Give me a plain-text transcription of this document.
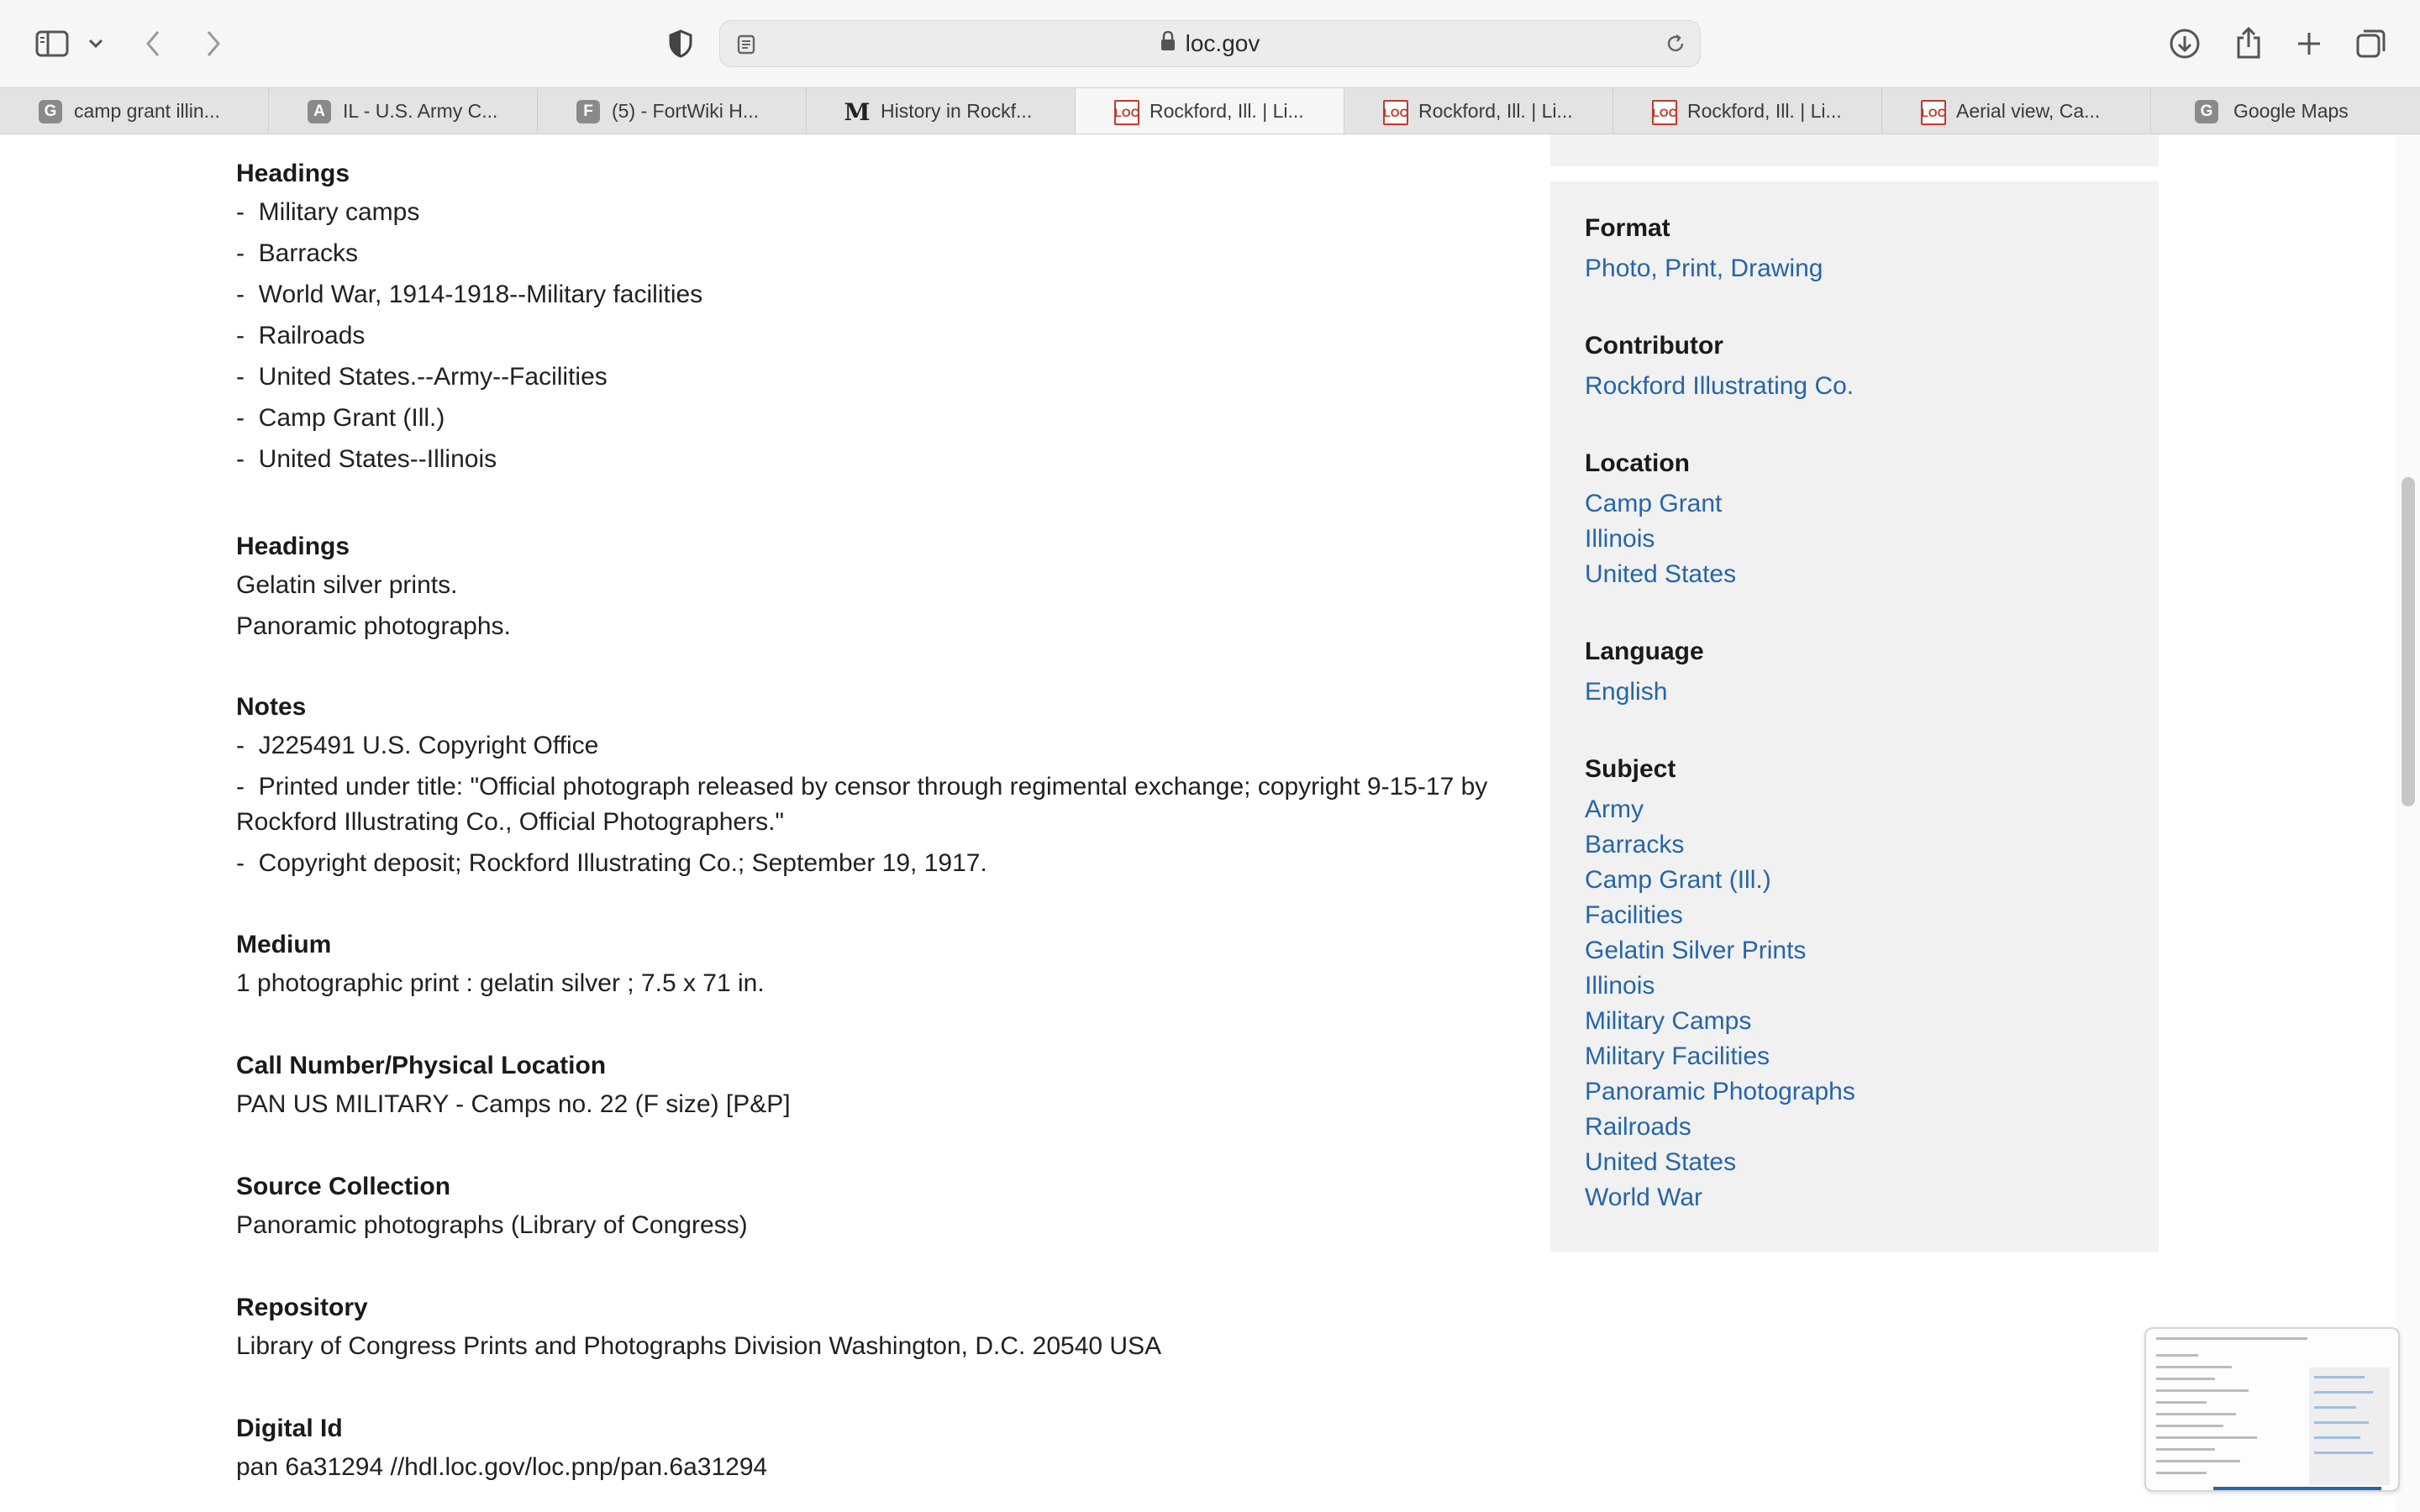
loc.gov
G camp grant illin...	A IL - U.S. Army C...	F (5) - FortWiki H...	M History in Rockf...	LOC Rockford, Ill. | Li...	LOC Rockford, Ill. | Li...	LOC Rockford, Ill. | Li...	LOC Aerial view, Ca...	G Google Maps
Headings
-  Military camps
-  Barracks
-  World War, 1914-1918--Military facilities
-  Railroads
-  United States.--Army--Facilities
-  Camp Grant (Ill.)
-  United States--Illinois
Headings
Gelatin silver prints.
Panoramic photographs.
Notes
-  J225491 U.S. Copyright Office
-  Printed under title: "Official photograph released by censor through regimental exchange; copyright 9-15-17 by
Rockford Illustrating Co., Official Photographers."
-  Copyright deposit; Rockford Illustrating Co.; September 19, 1917.
Medium
1 photographic print : gelatin silver ; 7.5 x 71 in.
Call Number/Physical Location
PAN US MILITARY - Camps no. 22 (F size) [P&P]
Source Collection
Panoramic photographs (Library of Congress)
Repository
Library of Congress Prints and Photographs Division Washington, D.C. 20540 USA
Digital Id
pan 6a31294 //hdl.loc.gov/loc.pnp/pan.6a31294
Format
Photo, Print, Drawing
Contributor
Rockford Illustrating Co.
Location
Camp Grant
Illinois
United States
Language
English
Subject
Army
Barracks
Camp Grant (Ill.)
Facilities
Gelatin Silver Prints
Illinois
Military Camps
Military Facilities
Panoramic Photographs
Railroads
United States
World War
